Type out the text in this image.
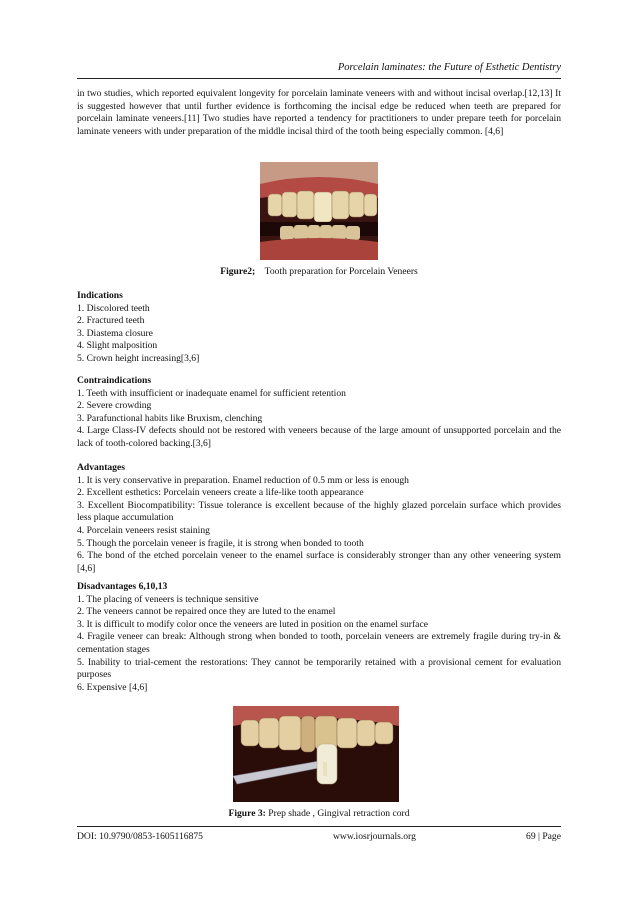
Porcelain laminates: the Future of Esthetic Dentistry

in two studies, which reported equivalent longevity for porcelain laminate veneers with and without incisal overlap.[12,13] It is suggested however that until further evidence is forthcoming the incisal edge be reduced when teeth are prepared for porcelain laminate veneers.[11] Two studies have reported a tendency for practitioners to under prepare teeth for porcelain laminate veneers with under preparation of the middle incisal third of the tooth being especially common. [4,6]

Figure2; Tooth preparation for Porcelain Veneers
Indications

1. Discolored teeth

2. Fractured teeth

3. Diastema closure

4. Slight malposition

5. Crown height increasing[3,6]

Contraindications

1. Teeth with insufficient or inadequate enamel for sufficient retention

2. Severe crowding

3. Parafunctional habits like Bruxism, clenching

4. Large Class-IV defects should not be restored with veneers because of the large amount of unsupported porcelain and the lack of tooth-colored backing.[3,6]

Advantages

1. It is very conservative in preparation. Enamel reduction of 0.5 mm or less is enough

2. Excellent esthetics: Porcelain veneers create a life-like tooth appearance

3. Excellent Biocompatibility: Tissue tolerance is excellent because of the highly glazed porcelain surface which provides less plaque accumulation

4. Porcelain veneers resist staining

5. Though the porcelain veneer is fragile, it is strong when bonded to tooth

6. The bond of the etched porcelain veneer to the enamel surface is considerably stronger than any other veneering system [4,6]

Disadvantages 6,10,13

1. The placing of veneers is technique sensitive

2. The veneers cannot be repaired once they are luted to the enamel

3. It is difficult to modify color once the veneers are luted in position on the enamel surface

4. Fragile veneer can break: Although strong when bonded to tooth, porcelain veneers are extremely fragile during try-in & cementation stages

5. Inability to trial-cement the restorations: They cannot be temporarily retained with a provisional cement for evaluation purposes

6. Expensive [4,6]

Figure 3: Prep shade , Gingival retraction cord
DOI: 10.9790/0853-1605116875	www.iosrjournals.org	69 | Page
